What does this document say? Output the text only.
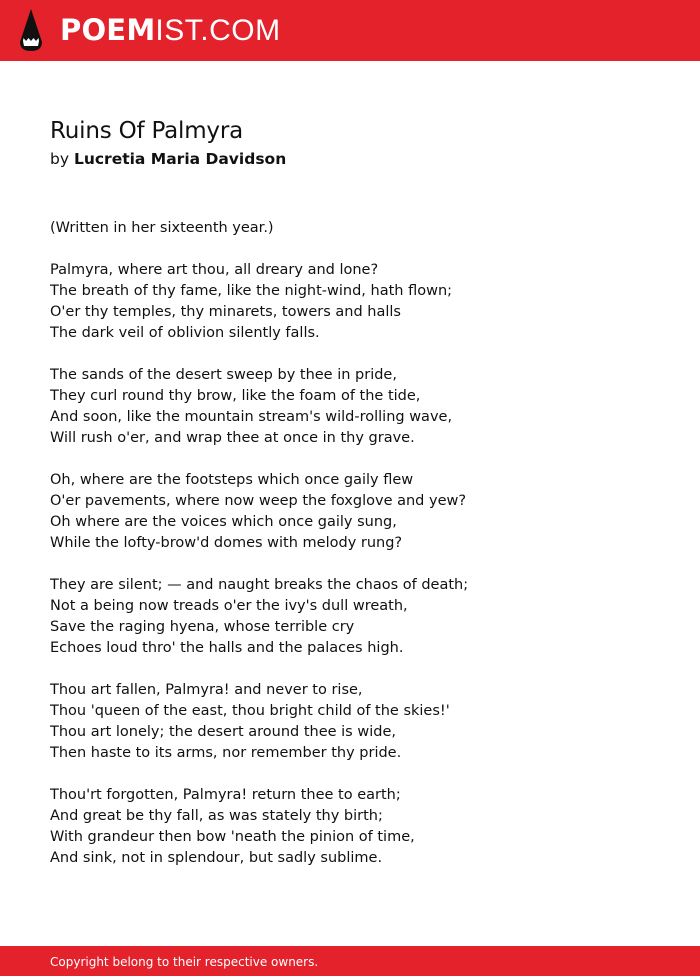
POEMIST.COM
Ruins Of Palmyra
by Lucretia Maria Davidson
(Written in her sixteenth year.)
Palmyra, where art thou, all dreary and lone?
The breath of thy fame, like the night-wind, hath flown;
O'er thy temples, thy minarets, towers and halls
The dark veil of oblivion silently falls.
The sands of the desert sweep by thee in pride,
They curl round thy brow, like the foam of the tide,
And soon, like the mountain stream's wild-rolling wave,
Will rush o'er, and wrap thee at once in thy grave.
Oh, where are the footsteps which once gaily flew
O'er pavements, where now weep the foxglove and yew?
Oh where are the voices which once gaily sung,
While the lofty-brow'd domes with melody rung?
They are silent; — and naught breaks the chaos of death;
Not a being now treads o'er the ivy's dull wreath,
Save the raging hyena, whose terrible cry
Echoes loud thro' the halls and the palaces high.
Thou art fallen, Palmyra! and never to rise,
Thou 'queen of the east, thou bright child of the skies!'
Thou art lonely; the desert around thee is wide,
Then haste to its arms, nor remember thy pride.
Thou'rt forgotten, Palmyra! return thee to earth;
And great be thy fall, as was stately thy birth;
With grandeur then bow 'neath the pinion of time,
And sink, not in splendour, but sadly sublime.
Copyright belong to their respective owners.
